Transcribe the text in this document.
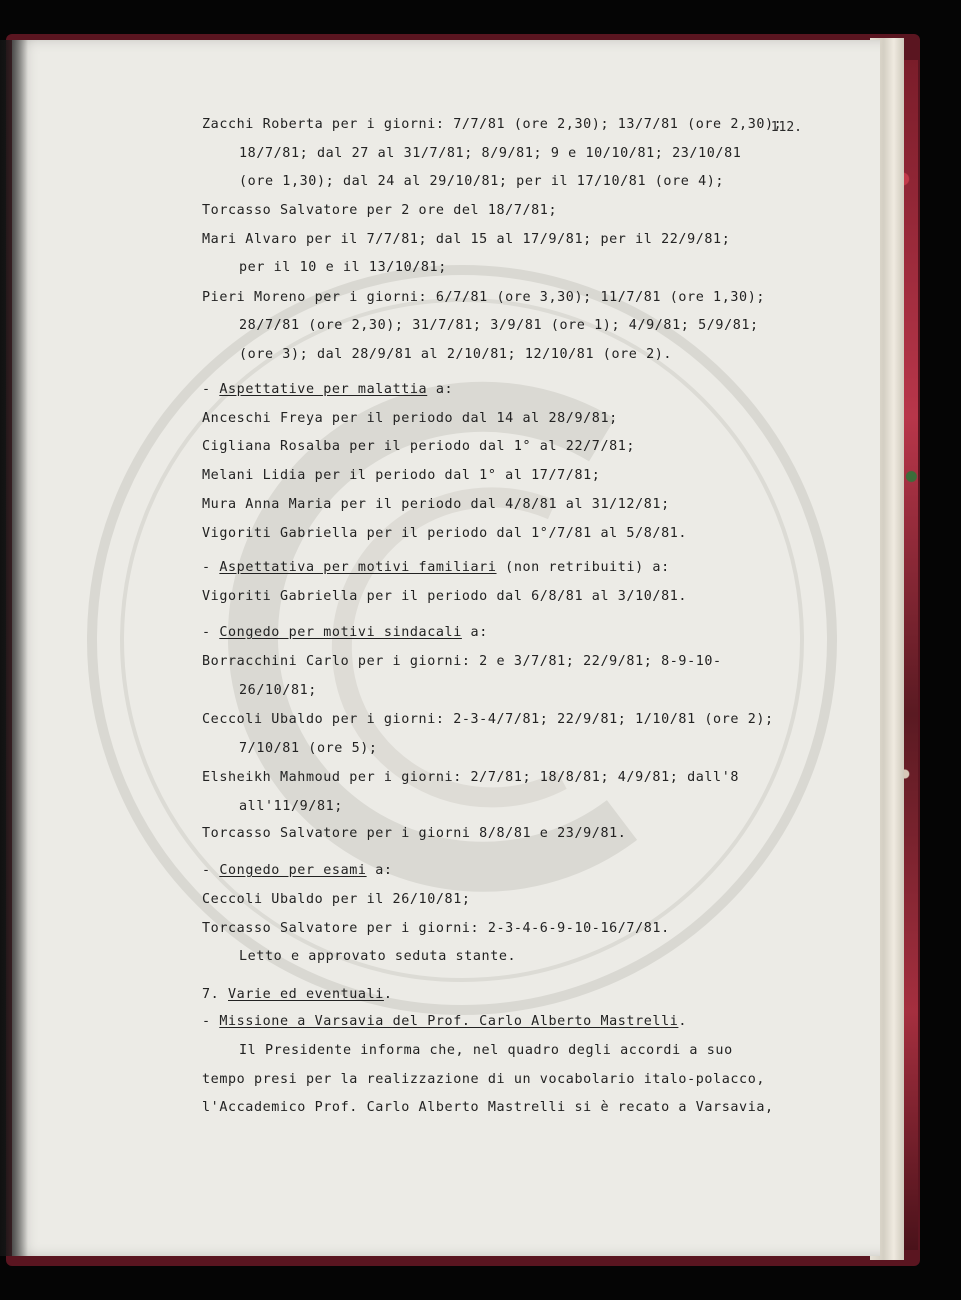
112.
Zacchi Roberta per i giorni: 7/7/81 (ore 2,30); 13/7/81 (ore 2,30);
18/7/81; dal 27 al 31/7/81; 8/9/81; 9 e 10/10/81; 23/10/81
(ore 1,30); dal 24 al 29/10/81; per il 17/10/81 (ore 4);
Torcasso Salvatore per 2 ore del 18/7/81;
Mari Alvaro per il 7/7/81; dal 15 al 17/9/81; per il 22/9/81;
per il 10 e il 13/10/81;
Pieri Moreno per i giorni: 6/7/81 (ore 3,30); 11/7/81 (ore 1,30);
28/7/81 (ore 2,30); 31/7/81; 3/9/81 (ore 1); 4/9/81; 5/9/81;
(ore 3); dal 28/9/81 al 2/10/81; 12/10/81 (ore 2).
- Aspettative per malattia a:
Anceschi Freya per il periodo dal 14 al 28/9/81;
Cigliana Rosalba per il periodo dal 1° al 22/7/81;
Melani Lidia per il periodo dal 1° al 17/7/81;
Mura Anna Maria per il periodo dal 4/8/81 al 31/12/81;
Vigoriti Gabriella per il periodo dal 1°/7/81 al 5/8/81.
- Aspettativa per motivi familiari (non retribuiti) a:
Vigoriti Gabriella per il periodo dal 6/8/81 al 3/10/81.
- Congedo per motivi sindacali a:
Borracchini Carlo per i giorni: 2 e 3/7/81; 22/9/81; 8-9-10-
26/10/81;
Ceccoli Ubaldo per i giorni: 2-3-4/7/81; 22/9/81; 1/10/81 (ore 2);
7/10/81 (ore 5);
Elsheikh Mahmoud per i giorni: 2/7/81; 18/8/81; 4/9/81; dall'8
all'11/9/81;
Torcasso Salvatore per i giorni 8/8/81 e 23/9/81.
- Congedo per esami a:
Ceccoli Ubaldo per il 26/10/81;
Torcasso Salvatore per i giorni: 2-3-4-6-9-10-16/7/81.
Letto e approvato seduta stante.
7. Varie ed eventuali.
- Missione a Varsavia del Prof. Carlo Alberto Mastrelli.
Il Presidente informa che, nel quadro degli accordi a suo
tempo presi per la realizzazione di un vocabolario italo-polacco,
l'Accademico Prof. Carlo Alberto Mastrelli si è recato a Varsavia,
